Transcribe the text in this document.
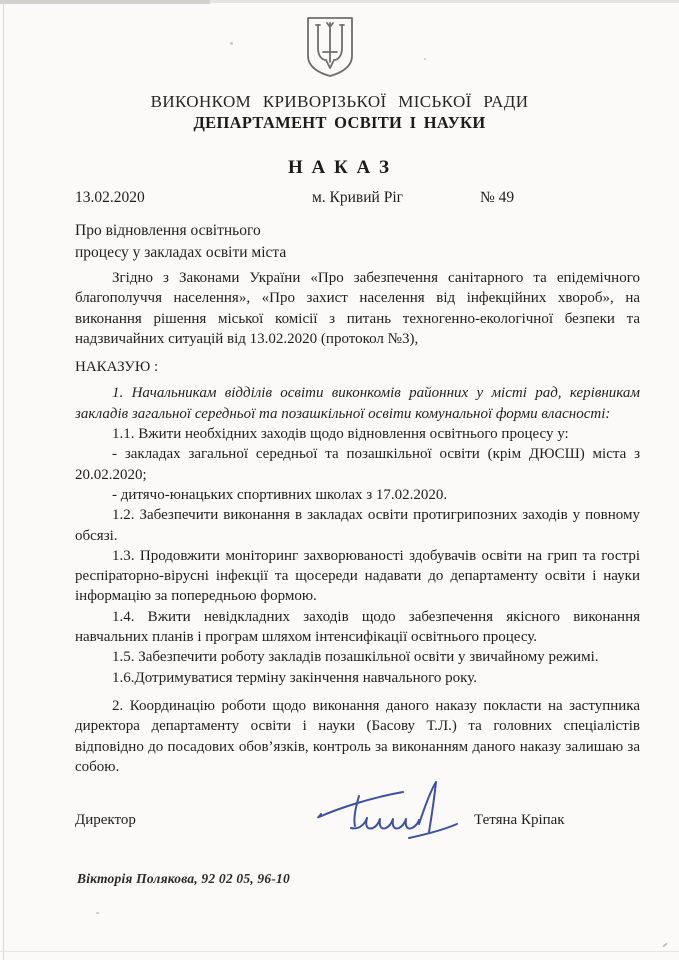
ВИКОНКОМ КРИВОРІЗЬКОЇ МІСЬКОЇ РАДИ
ДЕПАРТАМЕНТ ОСВІТИ І НАУКИ
Н А К А З
13.02.2020	м. Кривий Ріг	№ 49
Про відновлення освітнього
процесу у закладах освіти міста

Згідно з Законами України «Про забезпечення санітарного та епідемічного благополуччя населення», «Про захист населення від інфекційних хвороб», на виконання рішення міської комісії з питань техногенно-екологічної безпеки та надзвичайних ситуацій від 13.02.2020 (протокол №3),

НАКАЗУЮ :

1. Начальникам відділів освіти виконкомів районних у місті рад, керівникам закладів загальної середньої та позашкільної освіти комунальної форми власності:

1.1. Вжити необхідних заходів щодо відновлення освітнього процесу у:

- закладах загальної середньої та позашкільної освіти (крім ДЮСШ) міста з 20.02.2020;

- дитячо-юнацьких спортивних школах з 17.02.2020.

1.2. Забезпечити виконання в закладах освіти протигрипозних заходів у повному обсязі.

1.3. Продовжити моніторинг захворюваності здобувачів освіти на грип та гострі респіраторно-вірусні інфекції та щосереди надавати до департаменту освіти і науки інформацію за попередньою формою.

1.4. Вжити невідкладних заходів щодо забезпечення якісного виконання навчальних планів і програм шляхом інтенсифікації освітнього процесу.

1.5. Забезпечити роботу закладів позашкільної освіти у звичайному режимі.

1.6.Дотримуватися терміну закінчення навчального року.

2. Координацію роботи щодо виконання даного наказу покласти на заступника директора департаменту освіти і науки (Басову Т.Л.) та головних спеціалістів відповідно до посадових обов’язків, контроль за виконанням даного наказу залишаю за собою.

Директор	Тетяна Кріпак
Вікторія Полякова, 92 02 05, 96-10
